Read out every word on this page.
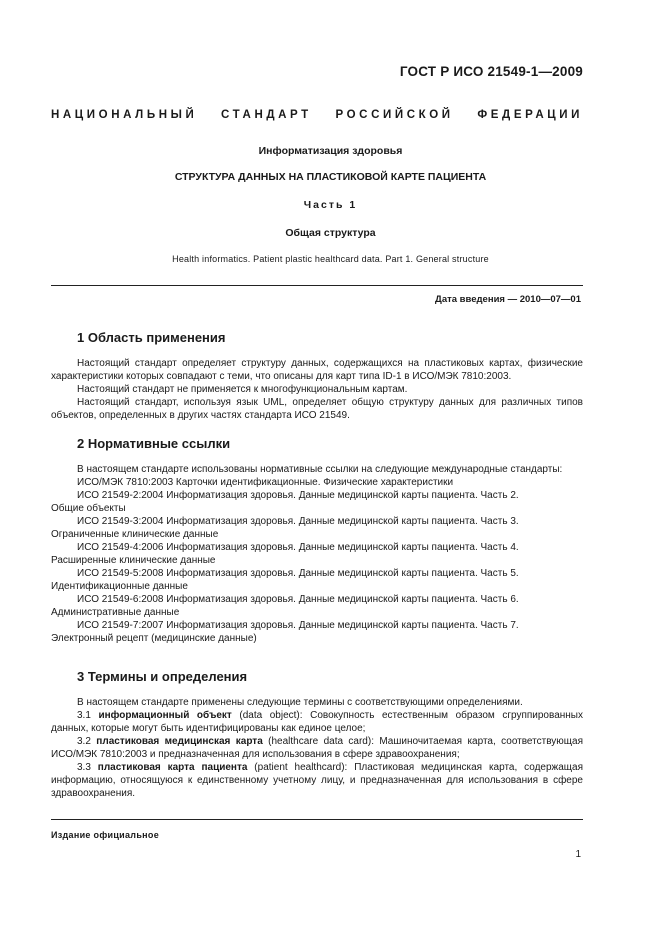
ГОСТ Р ИСО 21549-1—2009
НАЦИОНАЛЬНЫЙ СТАНДАРТ РОССИЙСКОЙ ФЕДЕРАЦИИ
Информатизация здоровья
СТРУКТУРА ДАННЫХ НА ПЛАСТИКОВОЙ КАРТЕ ПАЦИЕНТА
Часть 1
Общая структура
Health informatics. Patient plastic healthcard data. Part 1. General structure
Дата введения — 2010—07—01
1 Область применения

Настоящий стандарт определяет структуру данных, содержащихся на пластиковых картах, физические характеристики которых совпадают с теми, что описаны для карт типа ID-1 в ИСО/МЭК 7810:2003.

Настоящий стандарт не применяется к многофункциональным картам.

Настоящий стандарт, используя язык UML, определяет общую структуру данных для различных типов объектов, определенных в других частях стандарта ИСО 21549.

2 Нормативные ссылки

В настоящем стандарте использованы нормативные ссылки на следующие международные стандарты:

ИСО/МЭК 7810:2003 Карточки идентификационные. Физические характеристики

ИСО 21549-2:2004 Информатизация здоровья. Данные медицинской карты пациента. Часть 2.

Общие объекты

ИСО 21549-3:2004 Информатизация здоровья. Данные медицинской карты пациента. Часть 3.

Ограниченные клинические данные

ИСО 21549-4:2006 Информатизация здоровья. Данные медицинской карты пациента. Часть 4.

Расширенные клинические данные

ИСО 21549-5:2008 Информатизация здоровья. Данные медицинской карты пациента. Часть 5.

Идентификационные данные

ИСО 21549-6:2008 Информатизация здоровья. Данные медицинской карты пациента. Часть 6.

Административные данные

ИСО 21549-7:2007 Информатизация здоровья. Данные медицинской карты пациента. Часть 7.

Электронный рецепт (медицинские данные)
3 Термины и определения

В настоящем стандарте применены следующие термины с соответствующими определениями.

3.1 информационный объект (data object): Совокупность естественным образом сгруппированных данных, которые могут быть идентифицированы как единое целое;

3.2 пластиковая медицинская карта (healthcare data card): Машиночитаемая карта, соответствующая ИСО/МЭК 7810:2003 и предназначенная для использования в сфере здравоохранения;

3.3 пластиковая карта пациента (patient healthcard): Пластиковая медицинская карта, содержащая информацию, относящуюся к единственному учетному лицу, и предназначенная для использования в сфере здравоохранения.

Издание официальное
1
